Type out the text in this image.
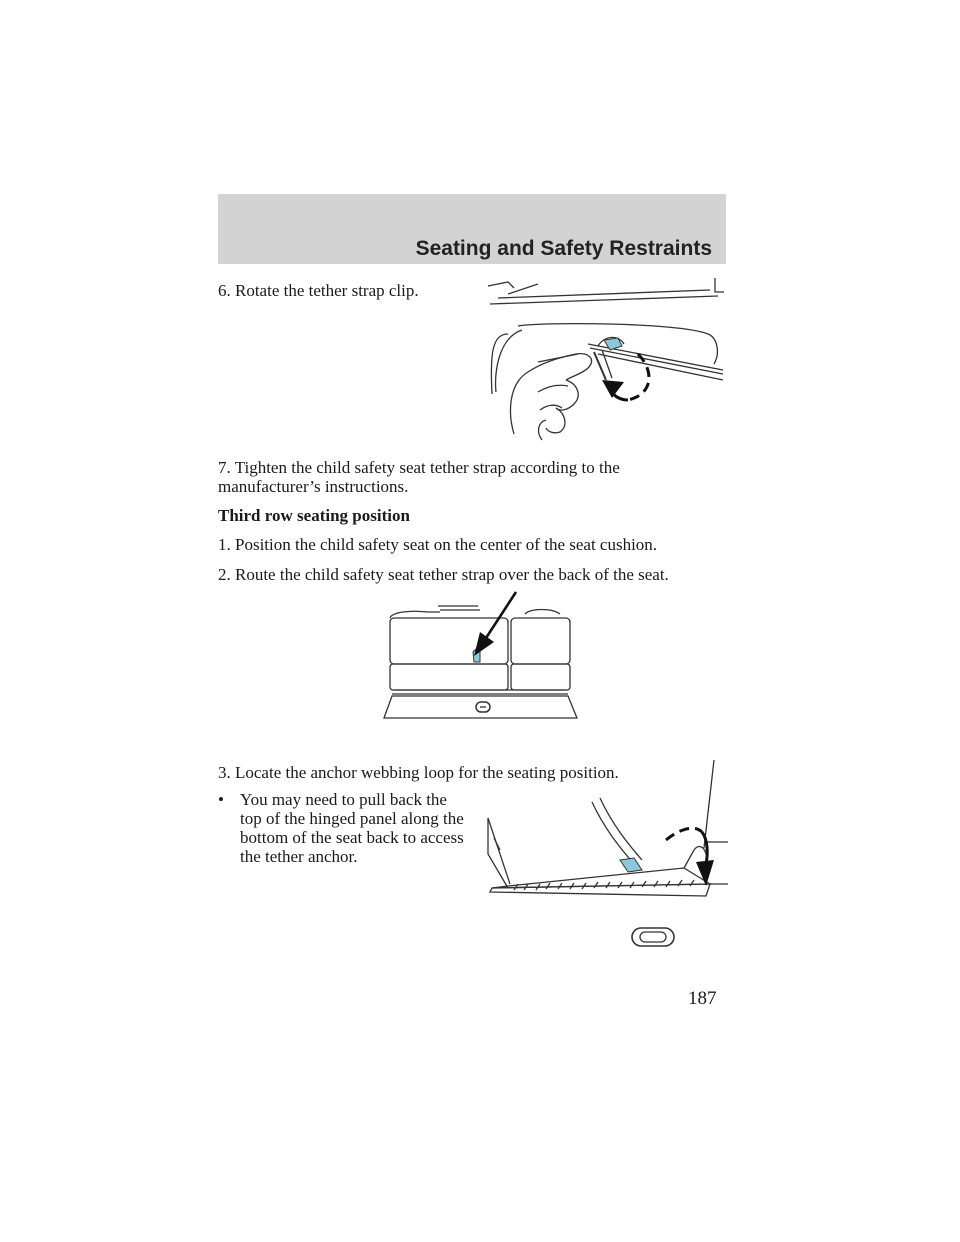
Seating and Safety Restraints
6. Rotate the tether strap clip.
7. Tighten the child safety seat tether strap according to the
manufacturer’s instructions.
Third row seating position
1. Position the child safety seat on the center of the seat cushion.
2. Route the child safety seat tether strap over the back of the seat.
3. Locate the anchor webbing loop for the seating position.
• You may need to pull back the
top of the hinged panel along the
bottom of the seat back to access
the tether anchor.
187
